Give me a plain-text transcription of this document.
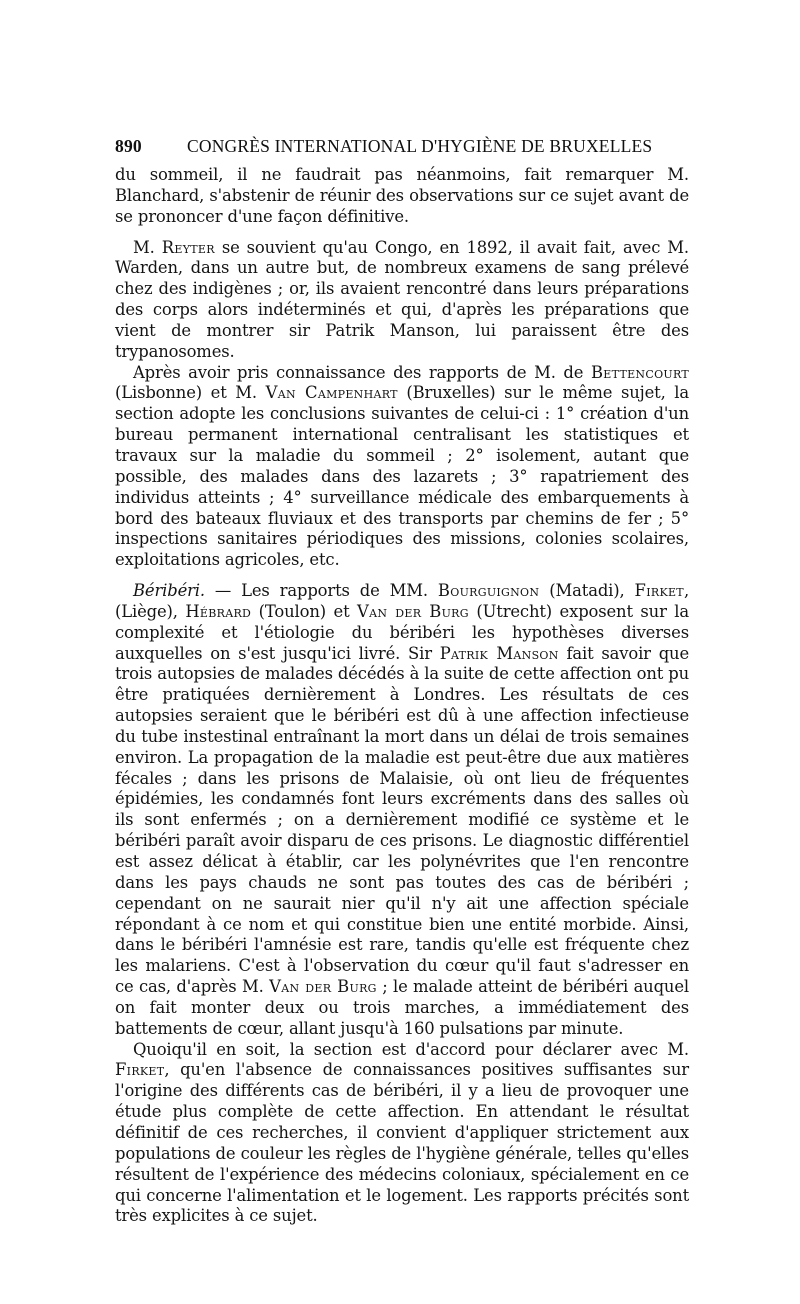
890	CONGRÈS INTERNATIONAL D'HYGIÈNE DE BRUXELLES

du sommeil, il ne faudrait pas néanmoins, fait remarquer M. Blanchard, s'abstenir de réunir des observations sur ce sujet avant de se prononcer d'une façon définitive.

M. Reyter se souvient qu'au Congo, en 1892, il avait fait, avec M. Warden, dans un autre but, de nombreux examens de sang prélevé chez des indigènes ; or, ils avaient rencontré dans leurs préparations des corps alors indéterminés et qui, d'après les préparations que vient de montrer sir Patrik Manson, lui paraissent être des trypanosomes.

Après avoir pris connaissance des rapports de M. de Bettencourt (Lisbonne) et M. Van Campenhart (Bruxelles) sur le même sujet, la section adopte les conclusions suivantes de celui-ci : 1° création d'un bureau permanent international centralisant les statistiques et travaux sur la maladie du sommeil ; 2° isolement, autant que possible, des malades dans des lazarets ; 3° rapatriement des individus atteints ; 4° surveillance médicale des embarquements à bord des bateaux fluviaux et des transports par chemins de fer ; 5° inspections sanitaires périodiques des missions, colonies scolaires, exploitations agricoles, etc.

Béribéri. — Les rapports de MM. Bourguignon (Matadi), Firket, (Liège), Hébrard (Toulon) et Van der Burg (Utrecht) exposent sur la complexité et l'étiologie du béribéri les hypothèses diverses auxquelles on s'est jusqu'ici livré. Sir Patrik Manson fait savoir que trois autopsies de malades décédés à la suite de cette affection ont pu être pratiquées dernièrement à Londres. Les résultats de ces autopsies seraient que le béribéri est dû à une affection infectieuse du tube instestinal entraînant la mort dans un délai de trois semaines environ. La propagation de la maladie est peut-être due aux matières fécales ; dans les prisons de Malaisie, où ont lieu de fréquentes épidémies, les condamnés font leurs excréments dans des salles où ils sont enfermés ; on a dernièrement modifié ce système et le béribéri paraît avoir disparu de ces prisons. Le diagnostic différentiel est assez délicat à établir, car les polynévrites que l'en rencontre dans les pays chauds ne sont pas toutes des cas de béribéri ; cependant on ne saurait nier qu'il n'y ait une affection spéciale répondant à ce nom et qui constitue bien une entité morbide. Ainsi, dans le béribéri l'amnésie est rare, tandis qu'elle est fréquente chez les malariens. C'est à l'observation du cœur qu'il faut s'adresser en ce cas, d'après M. Van der Burg ; le malade atteint de béribéri auquel on fait monter deux ou trois marches, a immédiatement des battements de cœur, allant jusqu'à 160 pulsations par minute.

Quoiqu'il en soit, la section est d'accord pour déclarer avec M. Firket, qu'en l'absence de connaissances positives suffisantes sur l'origine des différents cas de béribéri, il y a lieu de provoquer une étude plus complète de cette affection. En attendant le résultat définitif de ces recherches, il convient d'appliquer strictement aux populations de couleur les règles de l'hygiène générale, telles qu'elles résultent de l'expérience des médecins coloniaux, spécialement en ce qui concerne l'alimentation et le logement. Les rapports précités sont très explicites à ce sujet.
